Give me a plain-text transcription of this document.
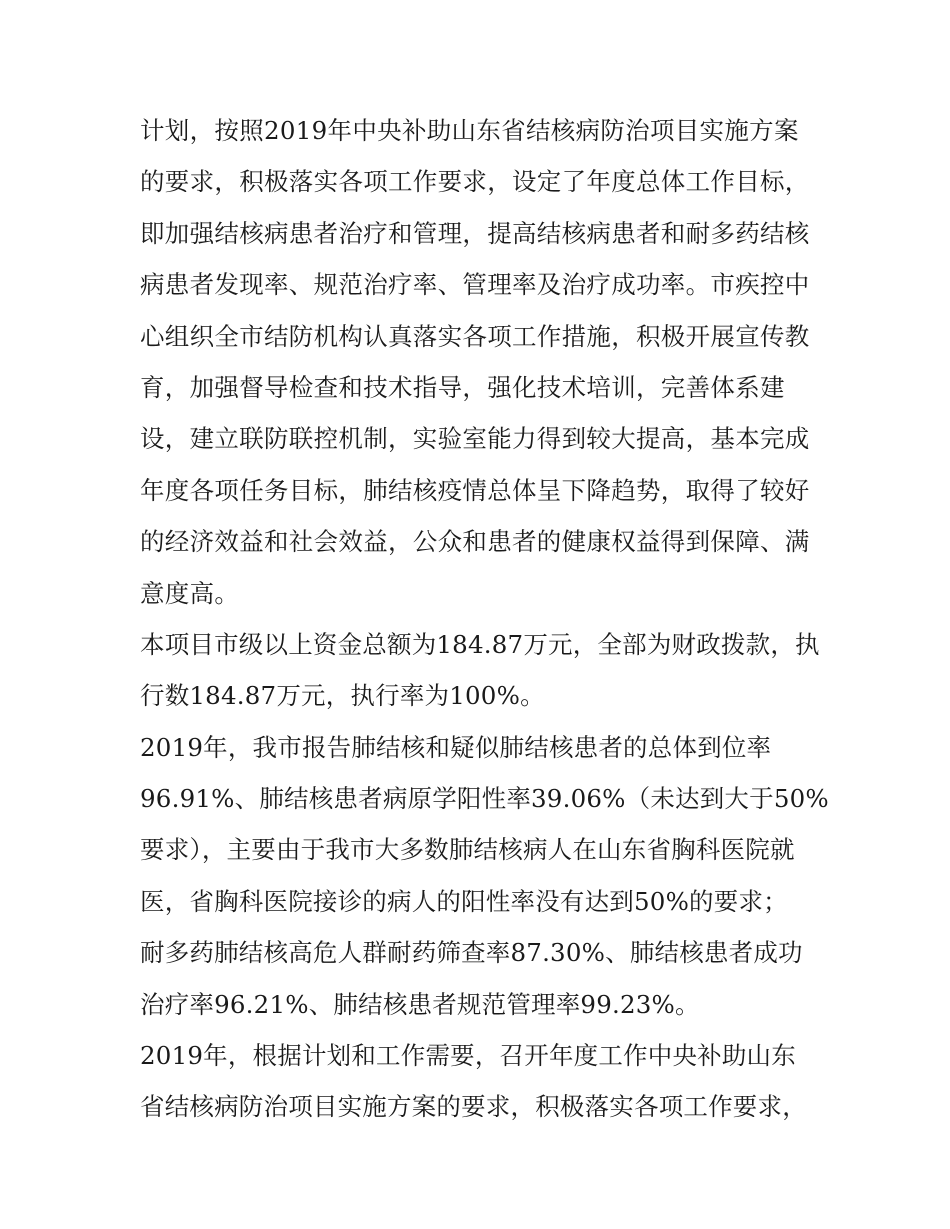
计划，按照2019年中央补助山东省结核病防治项目实施方案
的要求，积极落实各项工作要求，设定了年度总体工作目标，
即加强结核病患者治疗和管理，提高结核病患者和耐多药结核
病患者发现率、规范治疗率、管理率及治疗成功率。市疾控中
心组织全市结防机构认真落实各项工作措施，积极开展宣传教
育，加强督导检查和技术指导，强化技术培训，完善体系建
设，建立联防联控机制，实验室能力得到较大提高，基本完成
年度各项任务目标，肺结核疫情总体呈下降趋势，取得了较好
的经济效益和社会效益，公众和患者的健康权益得到保障、满
意度高。
本项目市级以上资金总额为184.87万元，全部为财政拨款，执
行数184.87万元，执行率为100%。
2019年，我市报告肺结核和疑似肺结核患者的总体到位率
96.91%、肺结核患者病原学阳性率39.06%（未达到大于50%
要求），主要由于我市大多数肺结核病人在山东省胸科医院就
医，省胸科医院接诊的病人的阳性率没有达到50%的要求；
耐多药肺结核高危人群耐药筛查率87.30%、肺结核患者成功
治疗率96.21%、肺结核患者规范管理率99.23%。
2019年，根据计划和工作需要，召开年度工作中央补助山东
省结核病防治项目实施方案的要求，积极落实各项工作要求，
